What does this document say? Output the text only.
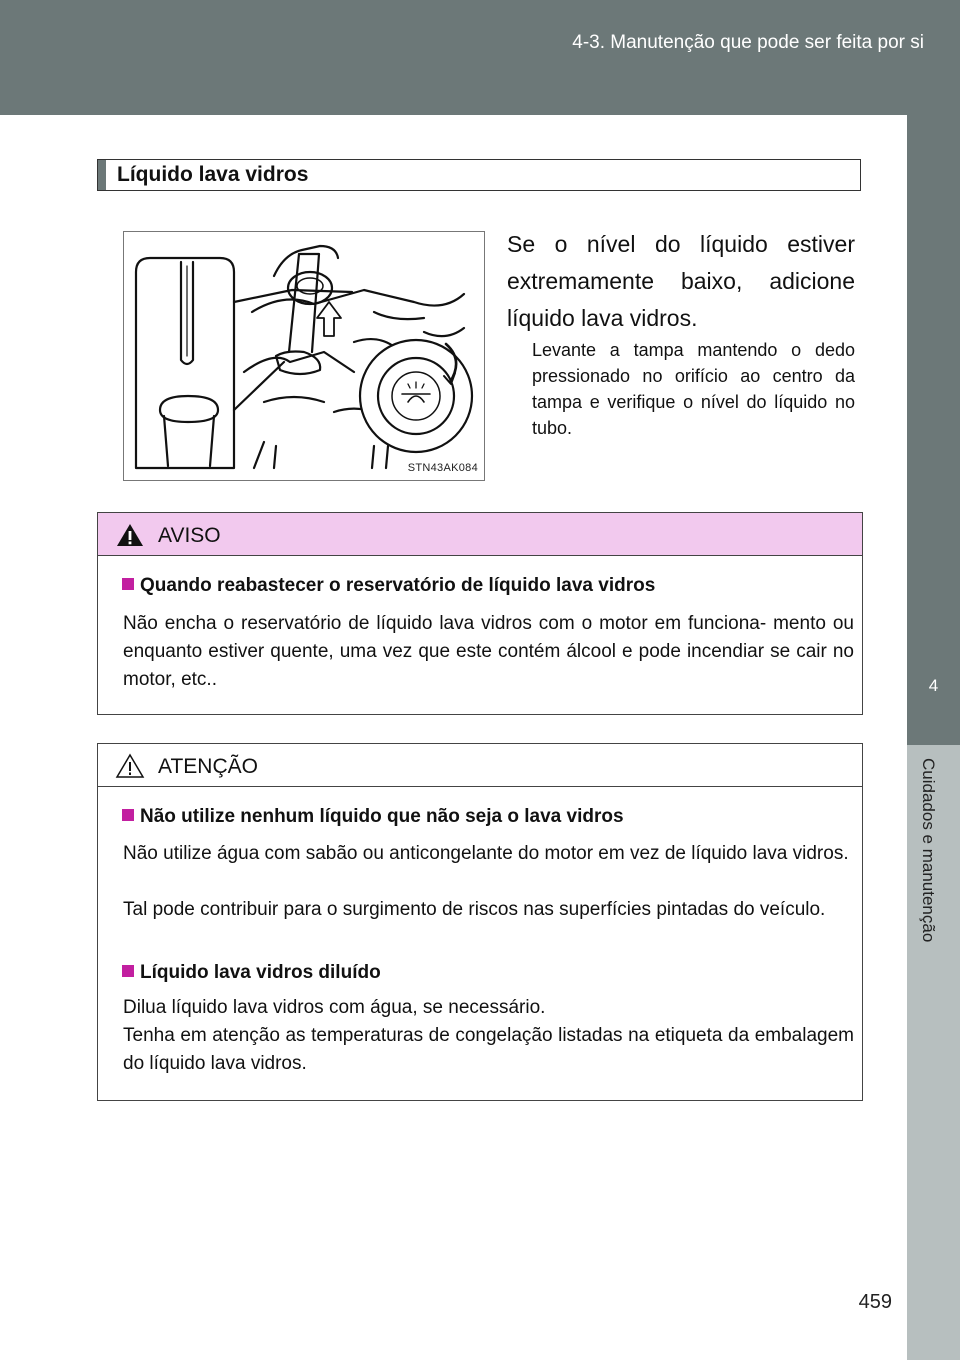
4-3. Manutenção que pode ser feita por si
4
Cuidados e manutenção
Líquido lava vidros
STN43AK084
Se o nível do líquido estiver extremamente baixo, adicione líquido lava vidros.
Levante a tampa mantendo o dedo pressionado no orifício ao centro da tampa e verifique o nível do líquido no tubo.
AVISO
Quando reabastecer o reservatório de líquido lava vidros
Não encha o reservatório de líquido lava vidros com o motor em funciona- mento ou enquanto estiver quente, uma vez que este contém álcool e pode incendiar se cair no motor, etc..
ATENÇÃO
Não utilize nenhum líquido que não seja o lava vidros
Não utilize água com sabão ou anticongelante do motor em vez de líquido lava vidros.
Tal pode contribuir para o surgimento de riscos nas superfícies pintadas do veículo.
Líquido lava vidros diluído
Dilua líquido lava vidros com água, se necessário.
Tenha em atenção as temperaturas de congelação listadas na etiqueta da embalagem do líquido lava vidros.
459
